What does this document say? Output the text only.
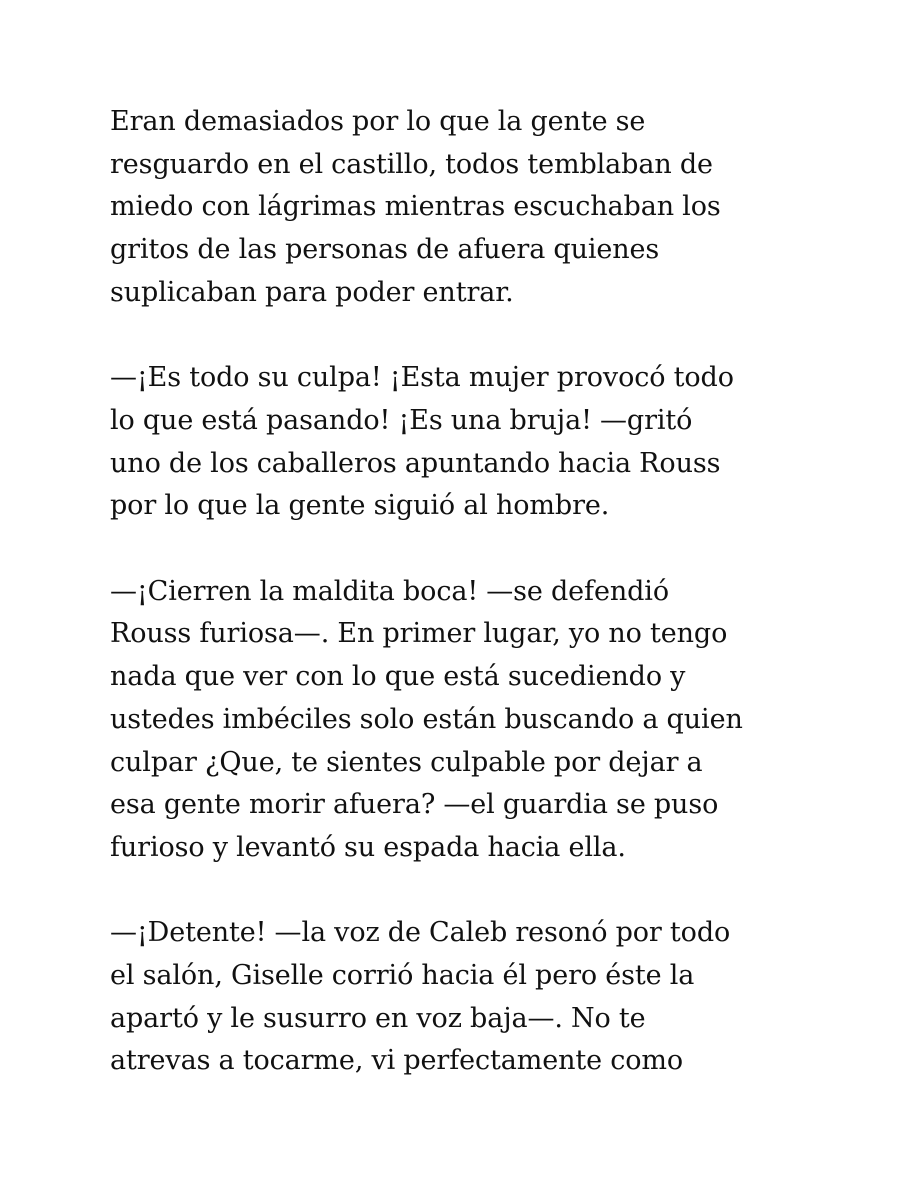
Eran demasiados por lo que la gente se
resguardo en el castillo, todos temblaban de
miedo con lágrimas mientras escuchaban los
gritos de las personas de afuera quienes
suplicaban para poder entrar.

—¡Es todo su culpa! ¡Esta mujer provocó todo
lo que está pasando! ¡Es una bruja! —gritó
uno de los caballeros apuntando hacia Rouss
por lo que la gente siguió al hombre.

—¡Cierren la maldita boca! —se defendió
Rouss furiosa—. En primer lugar, yo no tengo
nada que ver con lo que está sucediendo y
ustedes imbéciles solo están buscando a quien
culpar ¿Que, te sientes culpable por dejar a
esa gente morir afuera? —el guardia se puso
furioso y levantó su espada hacia ella.

—¡Detente! —la voz de Caleb resonó por todo
el salón, Giselle corrió hacia él pero éste la
apartó y le susurro en voz baja—. No te
atrevas a tocarme, vi perfectamente como
